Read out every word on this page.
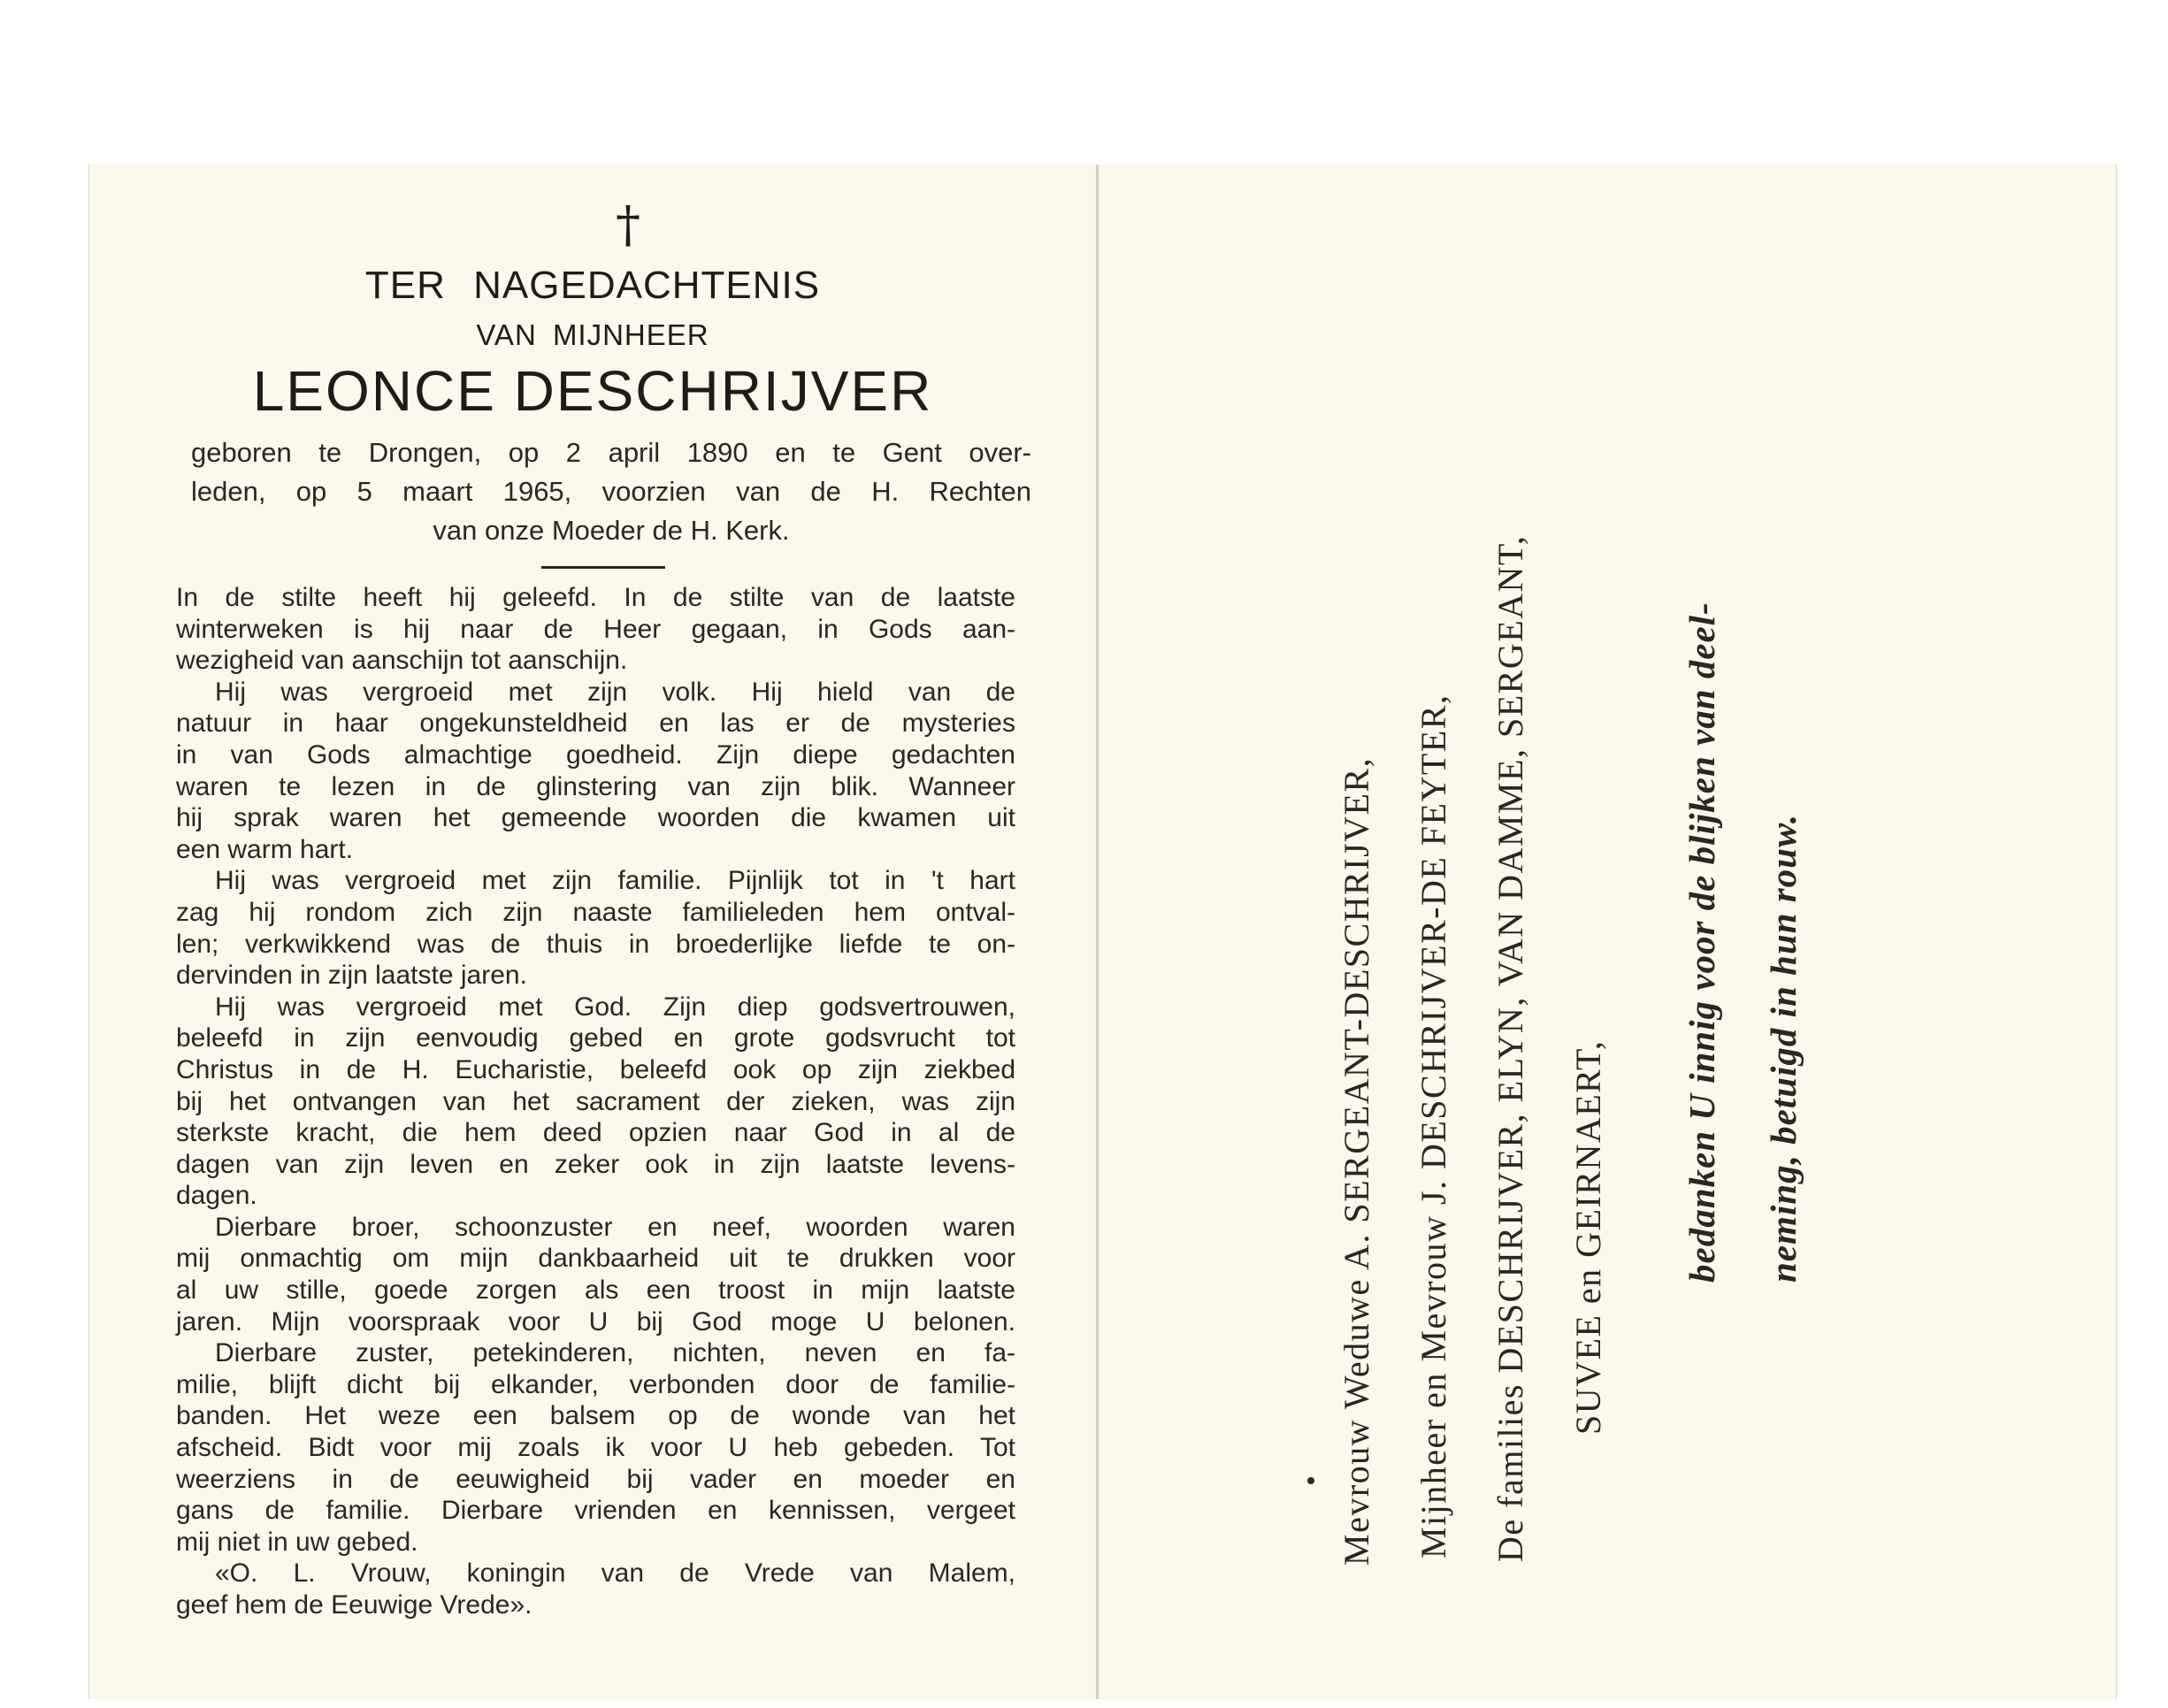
†
TER NAGEDACHTENIS
VAN MIJNHEER
LEONCE DESCHRIJVER
geboren te Drongen, op 2 april 1890 en te Gent over-
leden, op 5 maart 1965, voorzien van de H. Rechten
van onze Moeder de H. Kerk.
In de stilte heeft hij geleefd. In de stilte van de laatste
winterweken is hij naar de Heer gegaan, in Gods aan-
wezigheid van aanschijn tot aanschijn.
Hij was vergroeid met zijn volk. Hij hield van de
natuur in haar ongekunsteldheid en las er de mysteries
in van Gods almachtige goedheid. Zijn diepe gedachten
waren te lezen in de glinstering van zijn blik. Wanneer
hij sprak waren het gemeende woorden die kwamen uit
een warm hart.
Hij was vergroeid met zijn familie. Pijnlijk tot in 't hart
zag hij rondom zich zijn naaste familieleden hem ontval-
len; verkwikkend was de thuis in broederlijke liefde te on-
dervinden in zijn laatste jaren.
Hij was vergroeid met God. Zijn diep godsvertrouwen,
beleefd in zijn eenvoudig gebed en grote godsvrucht tot
Christus in de H. Eucharistie, beleefd ook op zijn ziekbed
bij het ontvangen van het sacrament der zieken, was zijn
sterkste kracht, die hem deed opzien naar God in al de
dagen van zijn leven en zeker ook in zijn laatste levens-
dagen.
Dierbare broer, schoonzuster en neef, woorden waren
mij onmachtig om mijn dankbaarheid uit te drukken voor
al uw stille, goede zorgen als een troost in mijn laatste
jaren. Mijn voorspraak voor U bij God moge U belonen.
Dierbare zuster, petekinderen, nichten, neven en fa-
milie, blijft dicht bij elkander, verbonden door de familie-
banden. Het weze een balsem op de wonde van het
afscheid. Bidt voor mij zoals ik voor U heb gebeden. Tot
weerziens in de eeuwigheid bij vader en moeder en
gans de familie. Dierbare vrienden en kennissen, vergeet
mij niet in uw gebed.
«O. L. Vrouw, koningin van de Vrede van Malem,
geef hem de Eeuwige Vrede».
Mevrouw Weduwe A. SERGEANT-DESCHRIJVER, Mijnheer en Mevrouw J. DESCHRIJVER-DE FEYTER, De families DESCHRIJVER, ELYN, VAN DAMME, SERGEANT, SUVEE en GEIRNAERT, bedanken U innig voor de blijken van deel- neming, betuigd in hun rouw.
